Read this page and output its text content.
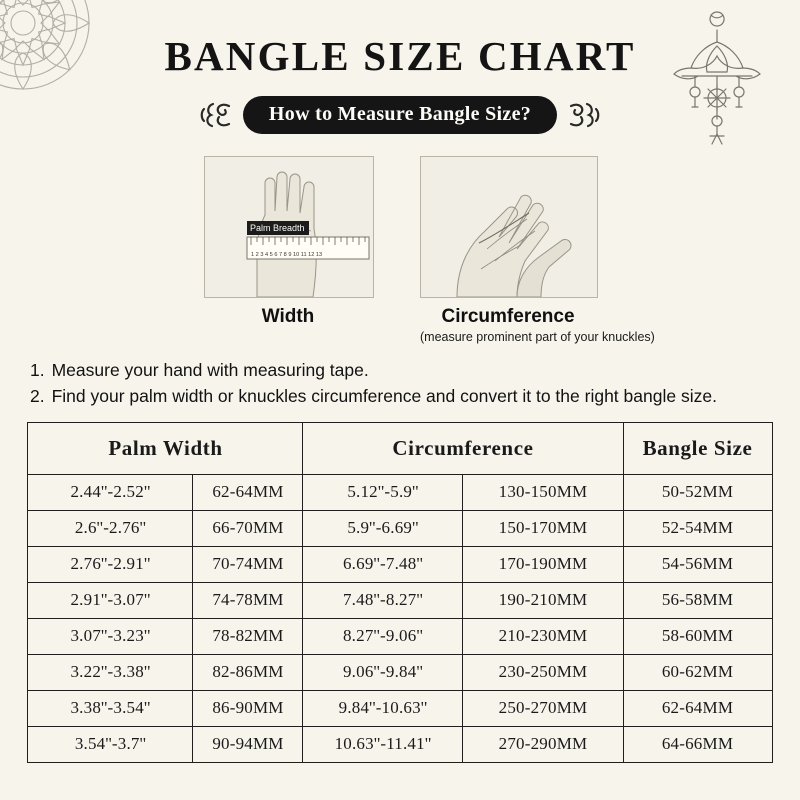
BANGLE SIZE CHART
How to Measure Bangle Size?
1 2 3 4 5 6 7 8 9 10 11 12 13
Palm Breadth
Width	Circumference
(measure prominent part of your knuckles)
1. Measure your hand with measuring tape.
2. Find your palm width or knuckles circumference and convert it to the right bangle size.
Palm Width		Circumference		Bangle Size
2.44''-2.52''	62-64MM	5.12''-5.9''	130-150MM	50-52MM
2.6''-2.76''	66-70MM	5.9''-6.69''	150-170MM	52-54MM
2.76''-2.91''	70-74MM	6.69''-7.48''	170-190MM	54-56MM
2.91''-3.07''	74-78MM	7.48''-8.27''	190-210MM	56-58MM
3.07''-3.23''	78-82MM	8.27''-9.06''	210-230MM	58-60MM
3.22''-3.38''	82-86MM	9.06''-9.84''	230-250MM	60-62MM
3.38''-3.54''	86-90MM	9.84''-10.63''	250-270MM	62-64MM
3.54''-3.7''	90-94MM	10.63''-11.41''	270-290MM	64-66MM
